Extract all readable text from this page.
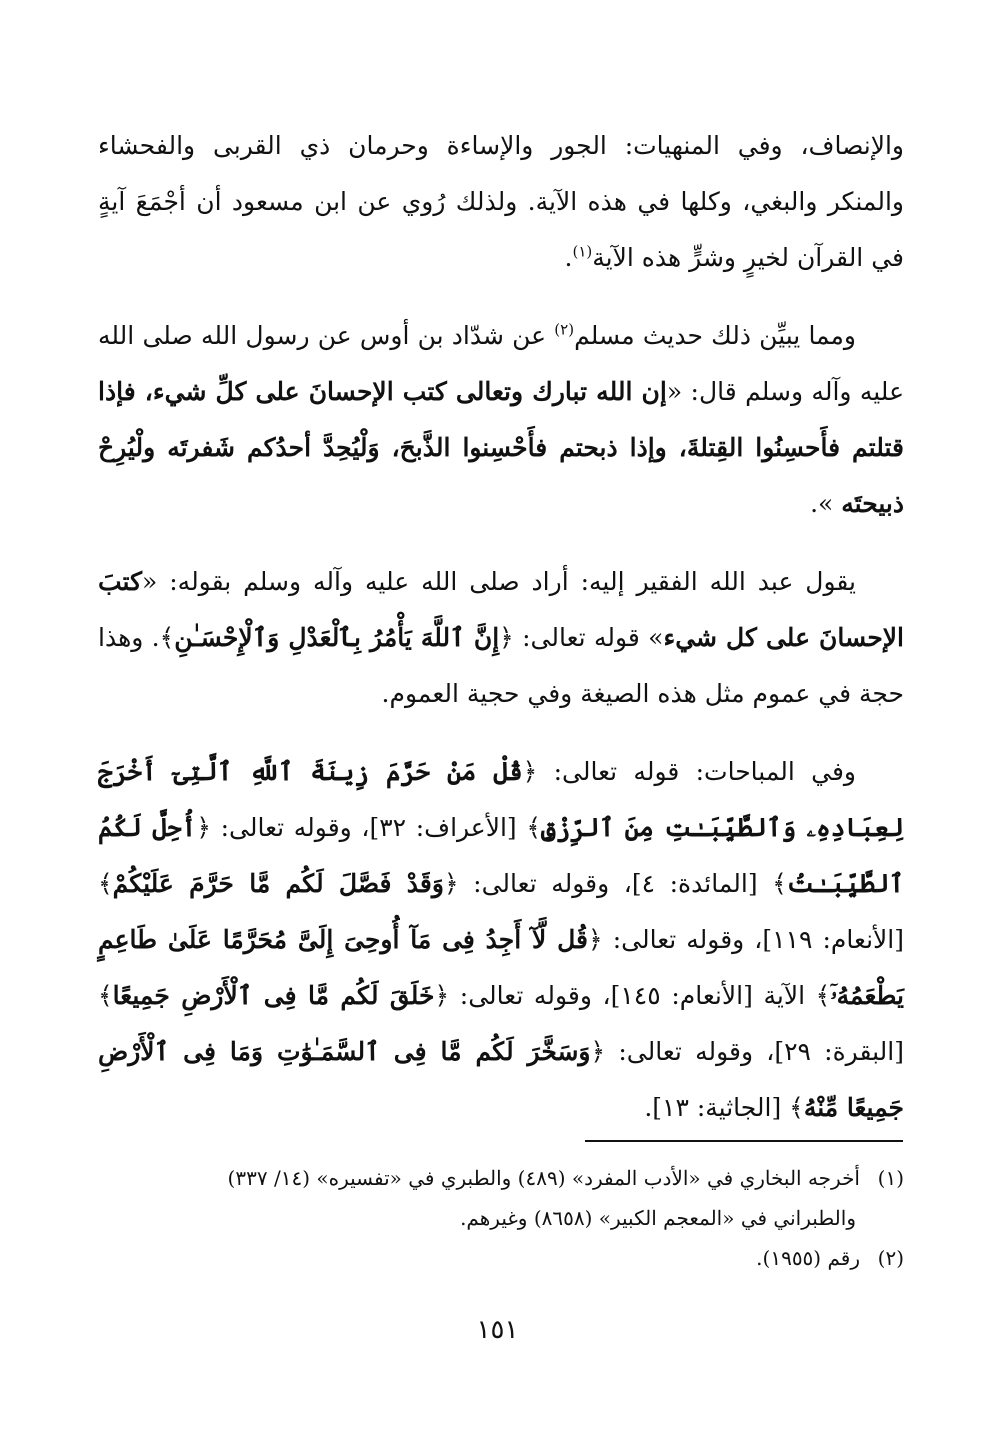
والإنصاف، وفي المنهيات: الجور والإساءة وحرمان ذي القربى والفحشاء والمنكر والبغي، وكلها في هذه الآية. ولذلك رُوي عن ابن مسعود أن أجْمَعَ آيةٍ في القرآن لخيرٍ وشرٍّ هذه الآية$^{(١)}$.

ومما يبيِّن ذلك حديث مسلم$^{(٢)}$ عن شدّاد بن أوس عن رسول الله صلى الله عليه وآله وسلم قال: «إن الله تبارك وتعالى كتب الإحسانَ على كلِّ شيء، فإذا قتلتم فأَحسِنُوا القِتلةَ، وإذا ذبحتم فأَحْسِنوا الذَّبحَ، وَلْيُحِدَّ أحدُكم شَفرتَه ولْيُرِحْ ذبيحتَه ».

يقول عبد الله الفقير إليه: أراد صلى الله عليه وآله وسلم بقوله: «كتبَ الإحسانَ على كل شيء» قوله تعالى: ﴿إِنَّ ٱللَّهَ يَأْمُرُ بِٱلْعَدْلِ وَٱلْإِحْسَـٰنِ﴾. وهذا حجة في عموم مثل هذه الصيغة وفي حجية العموم.

وفي المباحات: قوله تعالى: ﴿قُلْ مَنْ حَرَّمَ زِينَةَ ٱللَّهِ ٱلَّتِىٓ أَخْرَجَ لِعِبَادِهِۦ وَٱلطَّيِّبَـٰتِ مِنَ ٱلرِّزْقِ﴾ [الأعراف: ٣٢]، وقوله تعالى: ﴿أُحِلَّ لَكُمُ ٱلطَّيِّبَـٰتُ﴾ [المائدة: ٤]، وقوله تعالى: ﴿وَقَدْ فَصَّلَ لَكُم مَّا حَرَّمَ عَلَيْكُمْ﴾ [الأنعام: ١١٩]، وقوله تعالى: ﴿قُل لَّآ أَجِدُ فِى مَآ أُوحِىَ إِلَىَّ مُحَرَّمًا عَلَىٰ طَاعِمٍ يَطْعَمُهُۥٓ﴾ الآية [الأنعام: ١٤٥]، وقوله تعالى: ﴿خَلَقَ لَكُم مَّا فِى ٱلْأَرْضِ جَمِيعًا﴾ [البقرة: ٢٩]، وقوله تعالى: ﴿وَسَخَّرَ لَكُم مَّا فِى ٱلسَّمَـٰوَٰتِ وَمَا فِى ٱلْأَرْضِ جَمِيعًا مِّنْهُ﴾ [الجاثية: ١٣].

(١)أخرجه البخاري في «الأدب المفرد» (٤٨٩) والطبري في «تفسيره» (١٤/ ٣٣٧)

والطبراني في «المعجم الكبير» (٨٦٥٨) وغيرهم.

(٢)رقم (١٩٥٥).

١٥١
